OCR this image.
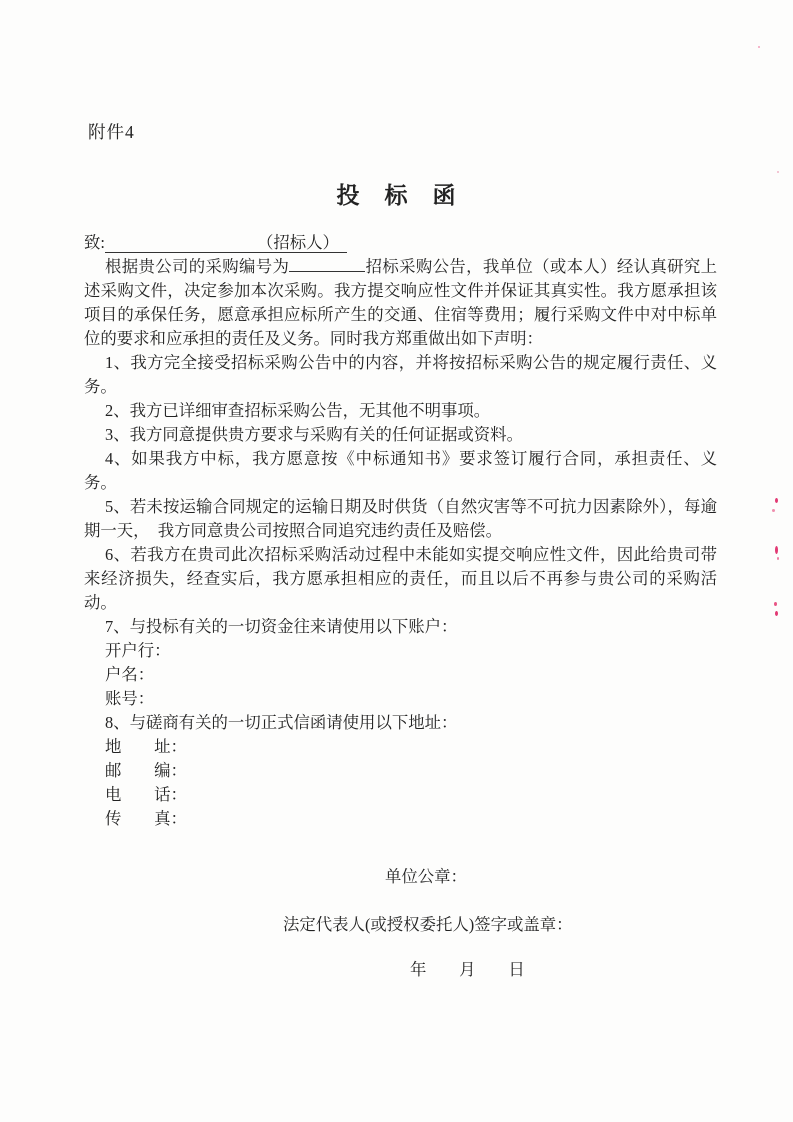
附件4
投　标　函

致:	（招标人）

根据贵公司的采购编号为	招标采购公告，我单位（或本人）经认真研究上述采购文件，决定参加本次采购。我方提交响应性文件并保证其真实性。我方愿承担该项目的承保任务，愿意承担应标所产生的交通、住宿等费用；履行采购文件中对中标单位的要求和应承担的责任及义务。同时我方郑重做出如下声明：

1、我方完全接受招标采购公告中的内容，并将按招标采购公告的规定履行责任、义务。

2、我方已详细审查招标采购公告，无其他不明事项。

3、我方同意提供贵方要求与采购有关的任何证据或资料。

4、如果我方中标，我方愿意按《中标通知书》要求签订履行合同，承担责任、义务。

5、若未按运输合同规定的运输日期及时供货（自然灾害等不可抗力因素除外），每逾期一天，　我方同意贵公司按照合同追究违约责任及赔偿。

6、若我方在贵司此次招标采购活动过程中未能如实提交响应性文件，因此给贵司带来经济损失，经查实后，我方愿承担相应的责任，而且以后不再参与贵公司的采购活动。

7、与投标有关的一切资金往来请使用以下账户：

开户行：

户名：

账号：

8、与磋商有关的一切正式信函请使用以下地址：

地　　址：

邮　　编：

电　　话：

传　　真：

单位公章：

法定代表人(或授权委托人)签字或盖章：

年　　月　　日
